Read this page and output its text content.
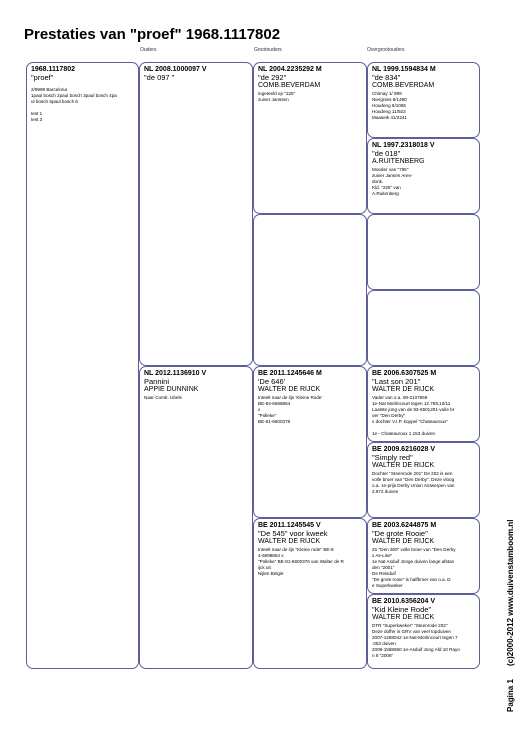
Prestaties van "proef" 1968.1117802
Ouders	Grootouders	Overgrootouders
1968.1117802
"proef"
2/9999 Barcelona
1paul bosch 2paul bosch 3paul bosch 4pa
ul bosch 5paul bosch 6

test 1
test 3
NL 2008.1000097 V
"de 097 "
NL 2012.1136910 V
Pannini
APPIE DUNNINK
Naar Comb. Ubels
NL 2004.2235292 M
"de 292"
COMB.BEVERDAM
ingeteeld op "225"
zuiver Janssen
BE 2011.1245646 M
'De 646'
WALTER DE RIJCK
Inteelt naar de lijn 'Kleine Rode'
BE-84-6698864
x
"Polleke"
BE-81-6600376
BE 2011.1245545 V
"De 545" voor kweek
WALTER DE RIJCK
Inteelt naar de lijn "Kleine rode" BE-8
4-6698864 x
"Polleke" BE-81-6600376 van Walter de R
ijck uit
Nijlen België
NL 1999.1594834 M
"de 834"
COMB.BEVERDAM
Chimay 1/ 999
Niergnies 8/1490
Houdeng 8/1085
Houdeng 11/923
Maaseik 41/2241
NL 1997.2318018 V
"de 018"
A.RUITENBERG
Moeder van "795"
zuiver Jansen Aren-
donk.
Kld. "225" van
A.Ruitenberg
BE 2006.6307525 M
"Last son 201"
WALTER DE RIJCK
Vader van o.a. 08-2107859
1e-Nat Morlincourt tegen 12.759,10/11
Laatste jong van de 93-6501201-voile br
oer "Den Derby"
x dochter V.I.P. koppel "Chateauroux"

1e - Chateauroux 1.153 duiven
BE 2009.6216028 V
"Simply red"
WALTER DE RIJCK
Dochter "Steenrode 201" De 202 is een
volle broer van "Den Derby". Deze vloog
o.a. 1e-prijs Derby Union Antwerpen van
2.872 duiven
BE 2003.6244875 M
"De grote Rooie"
WALTER DE RIJCK
Zn "Den 300" volle broer van "Den Derby
x As-Lise"
1e Nat Asduif Jonge duiven lange afstan
den "2001"
De Reisduif
"De grote rooie" is halfbroer van o.a. D
e Superkweker
BE 2010.6356204 V
"Kid Kleine Rode"
WALTER DE RIJCK
DTR "Superkweker" "Steenrode 202"
Deze doffer is GRV van veel topduiven
2007-1268042 1e-Nat-Morlincourt tegen 7
.053 duiven
2008-1588660 1e-Asduif Jong Afd 10 Rayo
n 8 "2006"
Pagina 1
(c)2000-2012 www.duivenstamboom.nl
